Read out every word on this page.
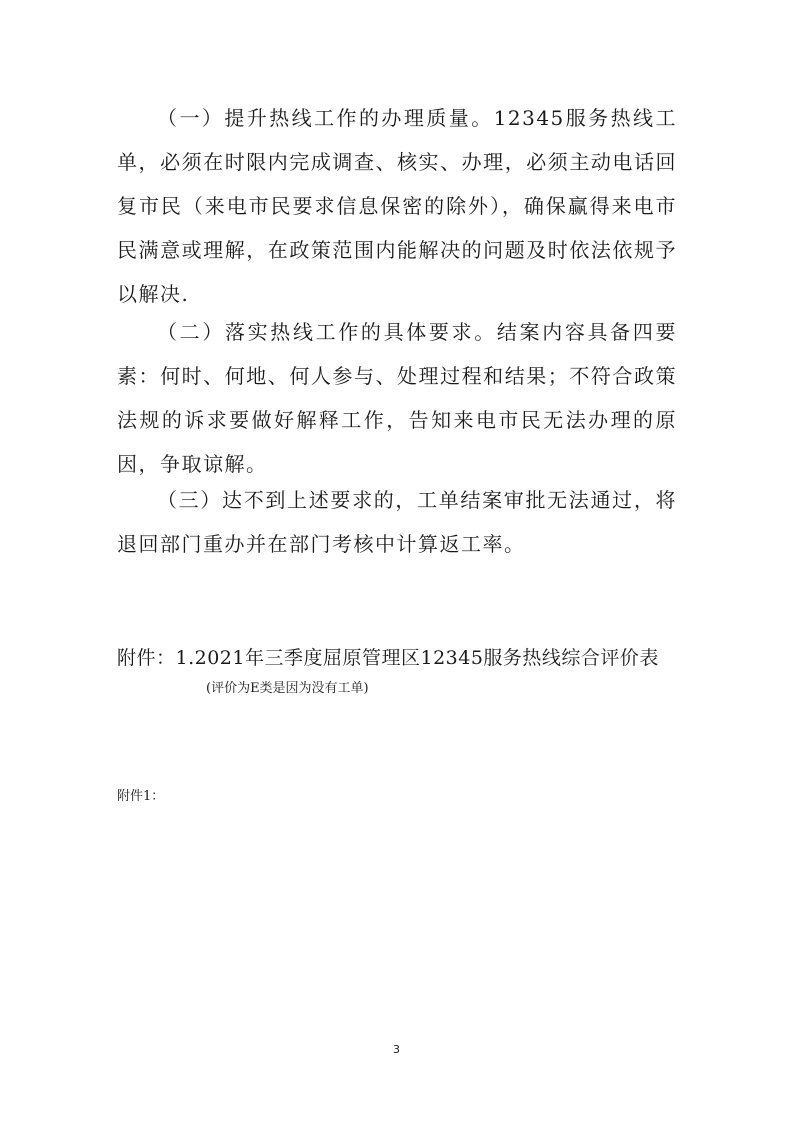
（一）提升热线工作的办理质量。12345服务热线工单，必须在时限内完成调查、核实、办理，必须主动电话回复市民（来电市民要求信息保密的除外），确保赢得来电市民满意或理解，在政策范围内能解决的问题及时依法依规予以解决.

（二）落实热线工作的具体要求。结案内容具备四要素：何时、何地、何人参与、处理过程和结果；不符合政策法规的诉求要做好解释工作，告知来电市民无法办理的原因，争取谅解。

（三）达不到上述要求的，工单结案审批无法通过，将退回部门重办并在部门考核中计算返工率。

附件：1.2021年三季度屈原管理区12345服务热线综合评价表

(评价为E类是因为没有工单)

附件1：

3
